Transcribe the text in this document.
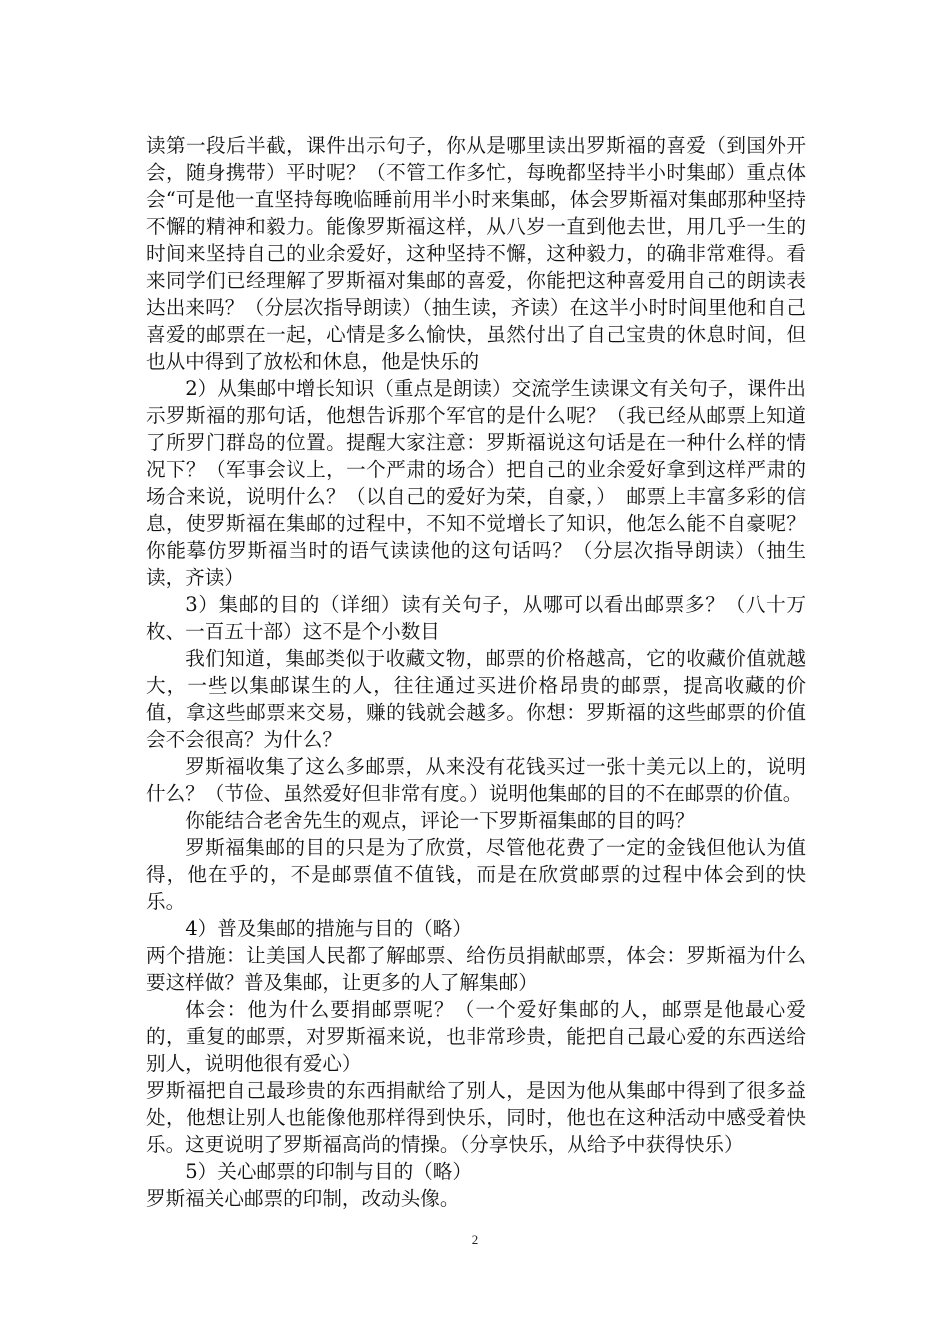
读第一段后半截，课件出示句子，你从是哪里读出罗斯福的喜爱（到国外开会，随身携带）平时呢？（不管工作多忙，每晚都坚持半小时集邮）重点体会“可是他一直坚持每晚临睡前用半小时来集邮，体会罗斯福对集邮那种坚持不懈的精神和毅力。能像罗斯福这样，从八岁一直到他去世，用几乎一生的时间来坚持自己的业余爱好，这种坚持不懈，这种毅力，的确非常难得。看来同学们已经理解了罗斯福对集邮的喜爱，你能把这种喜爱用自己的朗读表达出来吗？（分层次指导朗读）（抽生读，齐读）在这半小时时间里他和自己喜爱的邮票在一起，心情是多么愉快，虽然付出了自己宝贵的休息时间，但也从中得到了放松和休息，他是快乐的

2）从集邮中增长知识（重点是朗读）交流学生读课文有关句子，课件出示罗斯福的那句话，他想告诉那个军官的是什么呢？（我已经从邮票上知道了所罗门群岛的位置。提醒大家注意：罗斯福说这句话是在一种什么样的情况下？（军事会议上，一个严肃的场合）把自己的业余爱好拿到这样严肃的场合来说，说明什么？（以自己的爱好为荣，自豪，）　邮票上丰富多彩的信息，使罗斯福在集邮的过程中，不知不觉增长了知识，他怎么能不自豪呢？你能摹仿罗斯福当时的语气读读他的这句话吗？（分层次指导朗读）（抽生读，齐读）

3）集邮的目的（详细）读有关句子，从哪可以看出邮票多？（八十万枚、一百五十部）这不是个小数目

我们知道，集邮类似于收藏文物，邮票的价格越高，它的收藏价值就越大，一些以集邮谋生的人，往往通过买进价格昂贵的邮票，提高收藏的价值，拿这些邮票来交易，赚的钱就会越多。你想：罗斯福的这些邮票的价值会不会很高？为什么？

罗斯福收集了这么多邮票，从来没有花钱买过一张十美元以上的，说明什么？（节俭、虽然爱好但非常有度。）说明他集邮的目的不在邮票的价值。

你能结合老舍先生的观点，评论一下罗斯福集邮的目的吗？

罗斯福集邮的目的只是为了欣赏，尽管他花费了一定的金钱但他认为值得，他在乎的，不是邮票值不值钱，而是在欣赏邮票的过程中体会到的快乐。

4）普及集邮的措施与目的（略）

两个措施：让美国人民都了解邮票、给伤员捐献邮票，体会：罗斯福为什么要这样做？普及集邮，让更多的人了解集邮）

体会：他为什么要捐邮票呢？（一个爱好集邮的人，邮票是他最心爱的，重复的邮票，对罗斯福来说，也非常珍贵，能把自己最心爱的东西送给别人，说明他很有爱心）

罗斯福把自己最珍贵的东西捐献给了别人，是因为他从集邮中得到了很多益处，他想让别人也能像他那样得到快乐，同时，他也在这种活动中感受着快乐。这更说明了罗斯福高尚的情操。（分享快乐，从给予中获得快乐）

5）关心邮票的印制与目的（略）

罗斯福关心邮票的印制，改动头像。

2
